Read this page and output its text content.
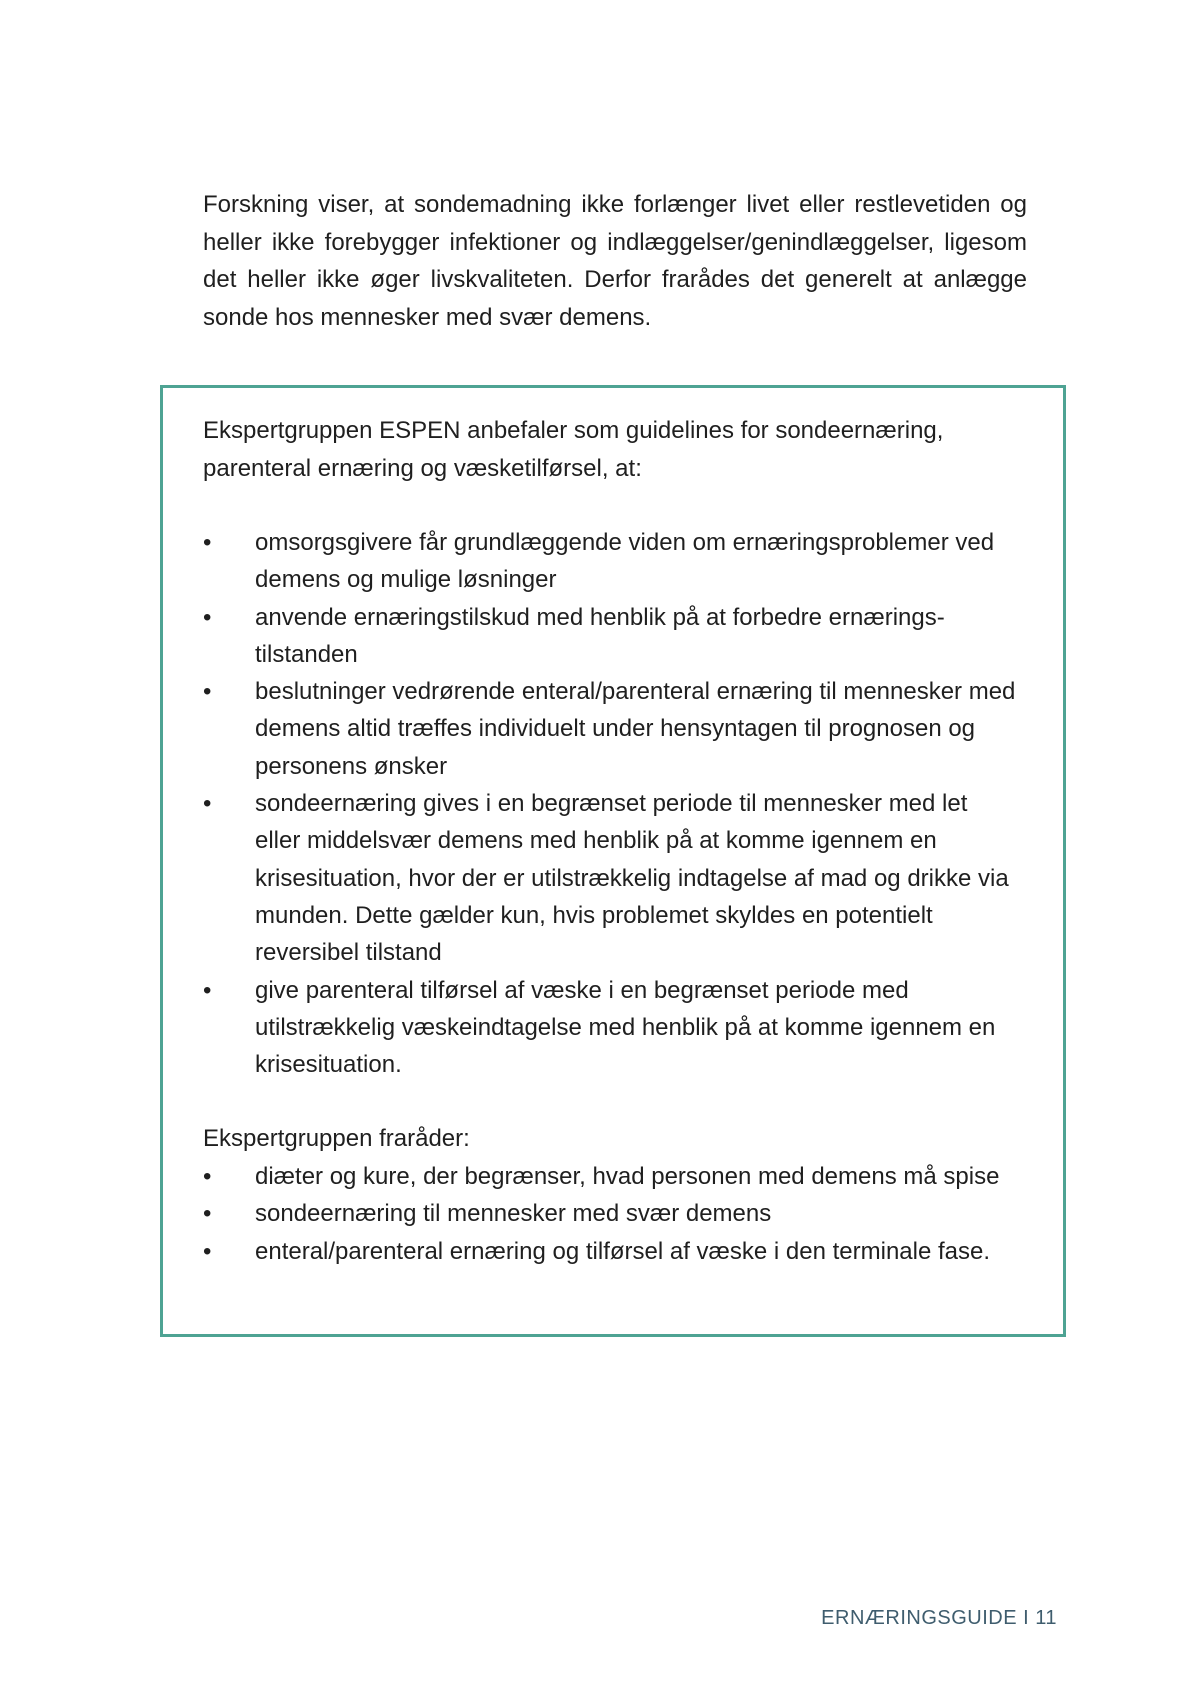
Forskning viser, at sondemadning ikke forlænger livet eller restlevetiden og heller ikke forebygger infektioner og indlæggelser/genindlæggelser, ligesom det heller ikke øger livskvaliteten. Derfor frarådes det generelt at anlægge sonde hos mennesker med svær demens.

Ekspertgruppen ESPEN anbefaler som guidelines for sondeernæring, parenteral ernæring og væsketilførsel, at:

• omsorgsgivere får grundlæggende viden om ernæringsproblemer ved demens og mulige løsninger
• anvende ernæringstilskud med henblik på at forbedre ernæringstilstanden
• beslutninger vedrørende enteral/parenteral ernæring til mennesker med demens altid træffes individuelt under hensyntagen til prognosen og personens ønsker
• sondeernæring gives i en begrænset periode til mennesker med let eller middelsvær demens med henblik på at komme igennem en krisesituation, hvor der er utilstrækkelig indtagelse af mad og drikke via munden. Dette gælder kun, hvis problemet skyldes en potentielt reversibel tilstand
• give parenteral tilførsel af væske i en begrænset periode med utilstrækkelig væskeindtagelse med henblik på at komme igennem en krisesituation.

Ekspertgruppen fraråder:

• diæter og kure, der begrænser, hvad personen med demens må spise
• sondeernæring til mennesker med svær demens
• enteral/parenteral ernæring og tilførsel af væske i den terminale fase.
ERNÆRINGSGUIDE I 11
